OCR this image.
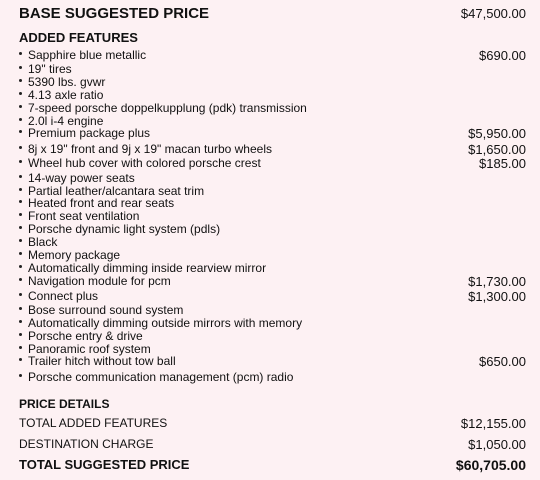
BASE SUGGESTED PRICE	$47,500.00
ADDED FEATURES
Sapphire blue metallic	$690.00
19" tires
5390 lbs. gvwr
4.13 axle ratio
7-speed porsche doppelkupplung (pdk) transmission
2.0l i-4 engine
Premium package plus	$5,950.00
8j x 19" front and 9j x 19" macan turbo wheels	$1,650.00
Wheel hub cover with colored porsche crest	$185.00
14-way power seats
Partial leather/alcantara seat trim
Heated front and rear seats
Front seat ventilation
Porsche dynamic light system (pdls)
Black
Memory package
Automatically dimming inside rearview mirror
Navigation module for pcm	$1,730.00
Connect plus	$1,300.00
Bose surround sound system
Automatically dimming outside mirrors with memory
Porsche entry & drive
Panoramic roof system
Trailer hitch without tow ball	$650.00
Porsche communication management (pcm) radio
PRICE DETAILS
TOTAL ADDED FEATURES	$12,155.00
DESTINATION CHARGE	$1,050.00
TOTAL SUGGESTED PRICE	$60,705.00
